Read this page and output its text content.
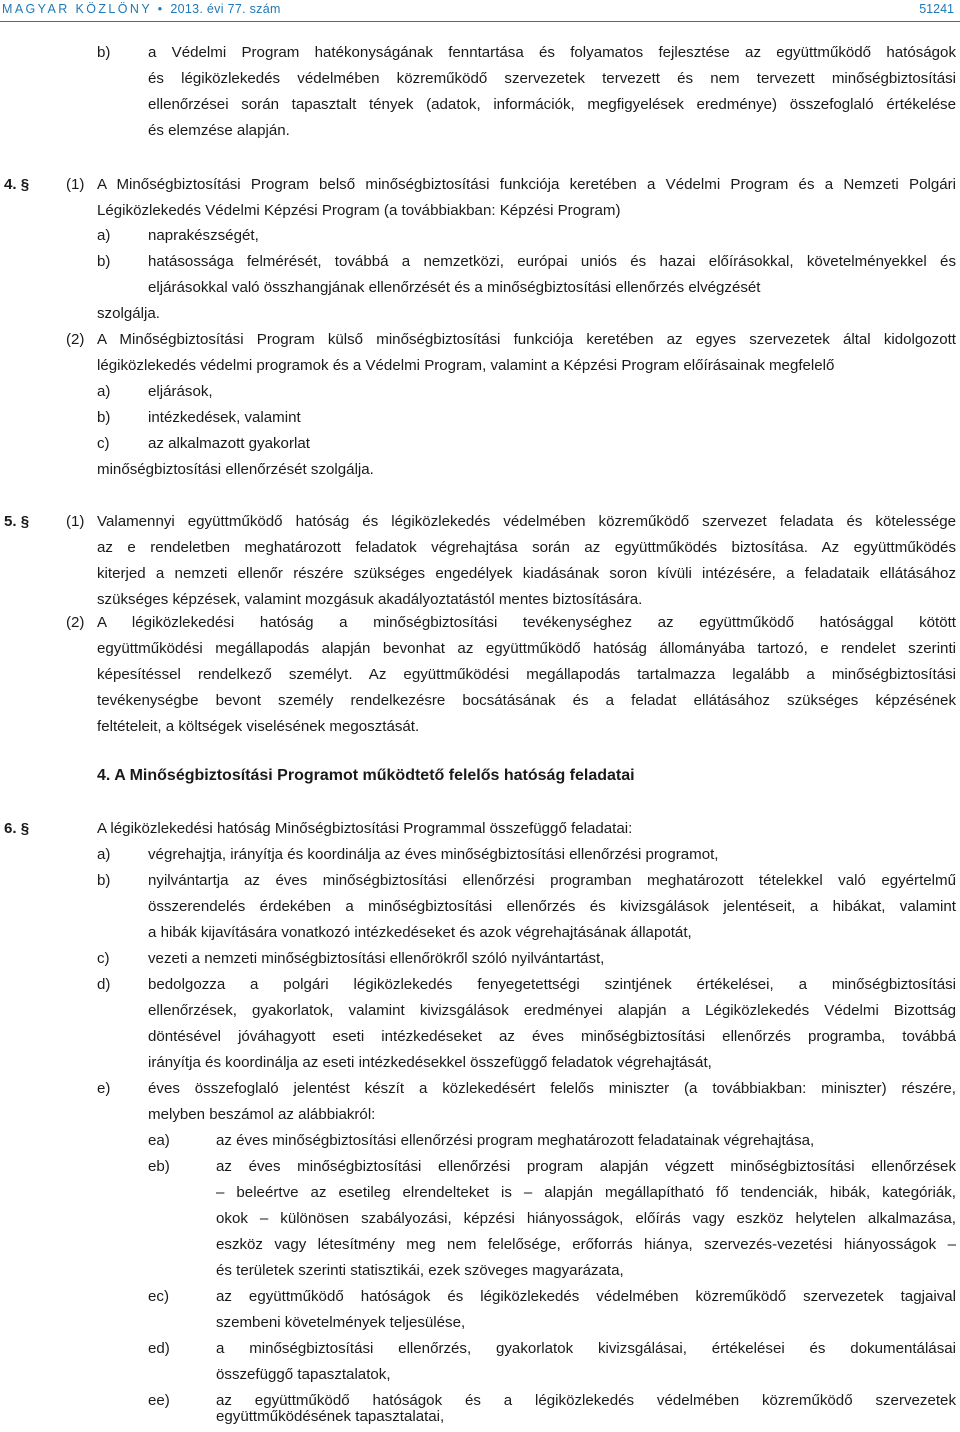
MAGYAR KÖZLÖNY • 2013. évi 77. szám	51241
b) a Védelmi Program hatékonyságának fenntartása és folyamatos fejlesztése az együttműködő hatóságok
és légiközlekedés védelmében közreműködő szervezetek tervezett és nem tervezett minőségbiztosítási
ellenőrzései során tapasztalt tények (adatok, információk, megfigyelések eredménye) összefoglaló értékelése
és elemzése alapján.
4. § (1) A Minőségbiztosítási Program belső minőségbiztosítási funkciója keretében a Védelmi Program és a Nemzeti Polgári
Légiközlekedés Védelmi Képzési Program (a továbbiakban: Képzési Program)
a) naprakészségét,
b) hatásossága felmérését, továbbá a nemzetközi, európai uniós és hazai előírásokkal, követelményekkel és
eljárásokkal való összhangjának ellenőrzését és a minőségbiztosítási ellenőrzés elvégzését
szolgálja.
(2) A Minőségbiztosítási Program külső minőségbiztosítási funkciója keretében az egyes szervezetek által kidolgozott
légiközlekedés védelmi programok és a Védelmi Program, valamint a Képzési Program előírásainak megfelelő
a) eljárások,
b) intézkedések, valamint
c)	az alkalmazott gyakorlat
minőségbiztosítási ellenőrzését szolgálja.
5. § (1) Valamennyi együttműködő hatóság és légiközlekedés védelmében közreműködő szervezet feladata és kötelessége
az e rendeletben meghatározott feladatok végrehajtása során az együttműködés biztosítása. Az együttműködés
kiterjed a nemzeti ellenőr részére szükséges engedélyek kiadásának soron kívüli intézésére, a feladataik ellátásához
szükséges képzések, valamint mozgásuk akadályoztatástól mentes biztosítására.
(2) A légiközlekedési hatóság a minőségbiztosítási tevékenységhez az együttműködő hatósággal kötött
együttműködési megállapodás alapján bevonhat az együttműködő hatóság állományába tartozó, e rendelet szerinti
képesítéssel rendelkező személyt. Az együttműködési megállapodás tartalmazza legalább a minőségbiztosítási
tevékenységbe bevont személy rendelkezésre bocsátásának és a feladat ellátásához szükséges képzésének
feltételeit, a költségek viselésének megosztását.
4. A Minőségbiztosítási Programot működtető felelős hatóság feladatai
6. §	A légiközlekedési hatóság Minőségbiztosítási Programmal összefüggő feladatai:
a) végrehajtja, irányítja és koordinálja az éves minőségbiztosítási ellenőrzési programot,
b) nyilvántartja az éves minőségbiztosítási ellenőrzési programban meghatározott tételekkel való egyértelmű
összerendelés érdekében a minőségbiztosítási ellenőrzés és kivizsgálások jelentéseit, a hibákat, valamint
a hibák kijavítására vonatkozó intézkedéseket és azok végrehajtásának állapotát,
c)	vezeti a nemzeti minőségbiztosítási ellenőrökről szóló nyilvántartást,
d) bedolgozza a polgári légiközlekedés fenyegetettségi szintjének értékelései, a minőségbiztosítási
ellenőrzések, gyakorlatok, valamint kivizsgálások eredményei alapján a Légiközlekedés Védelmi Bizottság
döntésével jóváhagyott eseti intézkedéseket az éves minőségbiztosítási ellenőrzés programba, továbbá
irányítja és koordinálja az eseti intézkedésekkel összefüggő feladatok végrehajtását,
e) éves összefoglaló jelentést készít a közlekedésért felelős miniszter (a továbbiakban: miniszter) részére,
melyben beszámol az alábbiakról:
ea)	az éves minőségbiztosítási ellenőrzési program meghatározott feladatainak végrehajtása,
eb)	az éves minőségbiztosítási ellenőrzési program alapján végzett minőségbiztosítási ellenőrzések
– beleértve az esetileg elrendelteket is – alapján megállapítható fő tendenciák, hibák, kategóriák,
okok – különösen szabályozási, képzési hiányosságok, előírás vagy eszköz helytelen alkalmazása,
eszköz vagy létesítmény meg nem felelősége, erőforrás hiánya, szervezés-vezetési hiányosságok –
és területek szerinti statisztikái, ezek szöveges magyarázata,
ec)	az együttműködő hatóságok és légiközlekedés védelmében közreműködő szervezetek tagjaival
szembeni követelmények teljesülése,
ed)	a minőségbiztosítási ellenőrzés, gyakorlatok kivizsgálásai, értékelései és dokumentálásai
összefüggő tapasztalatok,
ee)	az együttműködő hatóságok és a légiközlekedés védelmében közreműködő szervezetek
együttműködésének tapasztalatai,
